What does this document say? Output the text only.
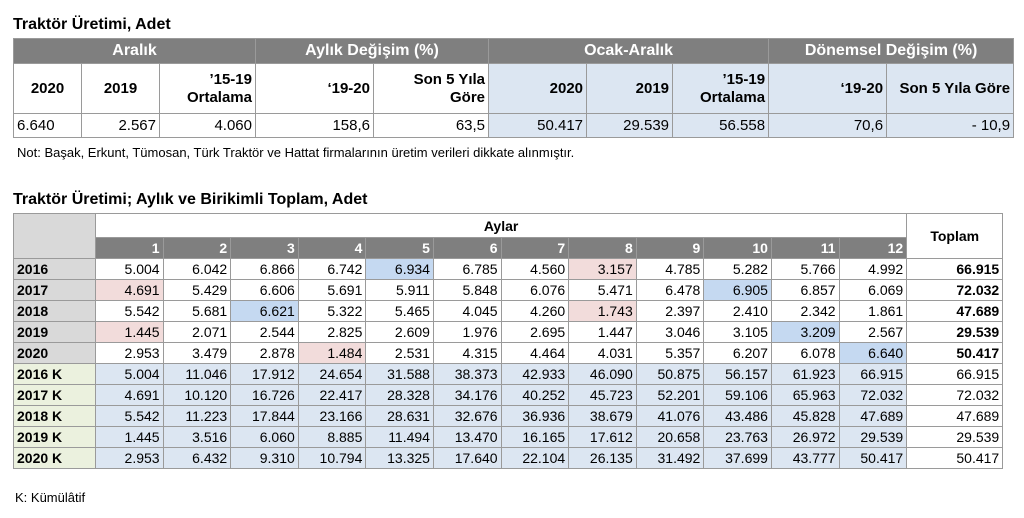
Traktör Üretimi, Adet
Aralık			Aylık Değişim (%)		Ocak-Aralık			Dönemsel Değişim (%)	
2020	2019	’15-19 Ortalama	‘19-20	Son 5 Yıla Göre	2020	2019	’15-19 Ortalama	‘19-20	Son 5 Yıla Göre
6.640	2.567	4.060	158,6	63,5	50.417	29.539	56.558	70,6	- 10,9
Not: Başak, Erkunt, Tümosan, Türk Traktör ve Hattat firmalarının üretim verileri dikkate alınmıştır.
Traktör Üretimi; Aylık ve Birikimli Toplam, Adet
	Aylar												Toplam
	1	2	3	4	5	6	7	8	9	10	11	12	
2016	5.004	6.042	6.866	6.742	6.934	6.785	4.560	3.157	4.785	5.282	5.766	4.992	66.915
2017	4.691	5.429	6.606	5.691	5.911	5.848	6.076	5.471	6.478	6.905	6.857	6.069	72.032
2018	5.542	5.681	6.621	5.322	5.465	4.045	4.260	1.743	2.397	2.410	2.342	1.861	47.689
2019	1.445	2.071	2.544	2.825	2.609	1.976	2.695	1.447	3.046	3.105	3.209	2.567	29.539
2020	2.953	3.479	2.878	1.484	2.531	4.315	4.464	4.031	5.357	6.207	6.078	6.640	50.417
2016 K	5.004	11.046	17.912	24.654	31.588	38.373	42.933	46.090	50.875	56.157	61.923	66.915	66.915
2017 K	4.691	10.120	16.726	22.417	28.328	34.176	40.252	45.723	52.201	59.106	65.963	72.032	72.032
2018 K	5.542	11.223	17.844	23.166	28.631	32.676	36.936	38.679	41.076	43.486	45.828	47.689	47.689
2019 K	1.445	3.516	6.060	8.885	11.494	13.470	16.165	17.612	20.658	23.763	26.972	29.539	29.539
2020 K	2.953	6.432	9.310	10.794	13.325	17.640	22.104	26.135	31.492	37.699	43.777	50.417	50.417
K: Kümülâtif
